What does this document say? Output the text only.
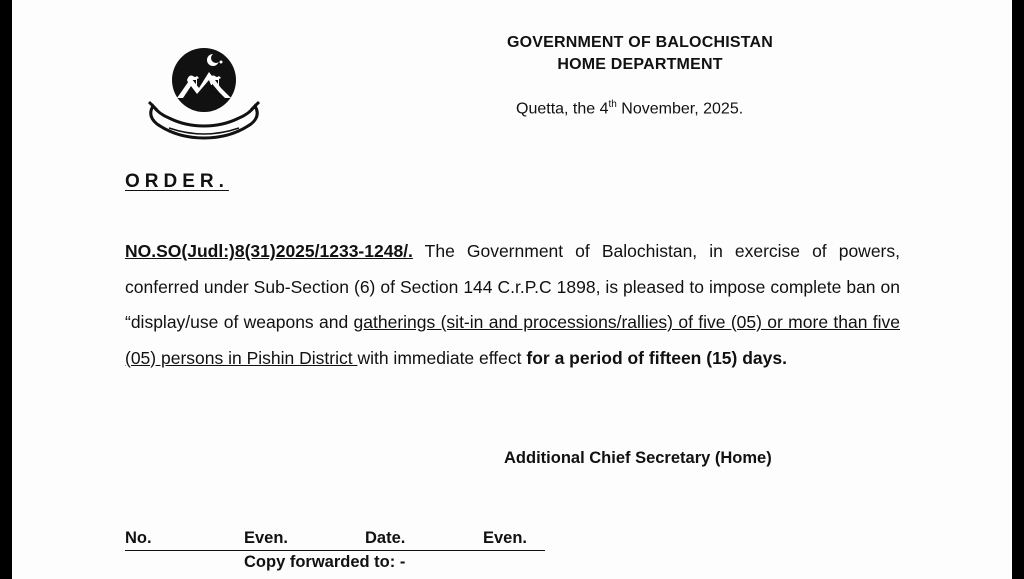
GOVERNMENT OF BALOCHISTAN
HOME DEPARTMENT
Quetta, the 4th November, 2025.
ORDER.
NO.SO(Judl:)8(31)2025/1233-1248/. The Government of Balochistan, in exercise of powers, conferred under Sub-Section (6) of Section 144 C.r.P.C 1898, is pleased to impose complete ban on “display/use of weapons and gatherings (sit-in and processions/rallies) of five (05) or more than five (05) persons in Pishin District with immediate effect for a period of fifteen (15) days.
Additional Chief Secretary (Home)
No.	Even.	Date.	Even.
Copy forwarded to: -
